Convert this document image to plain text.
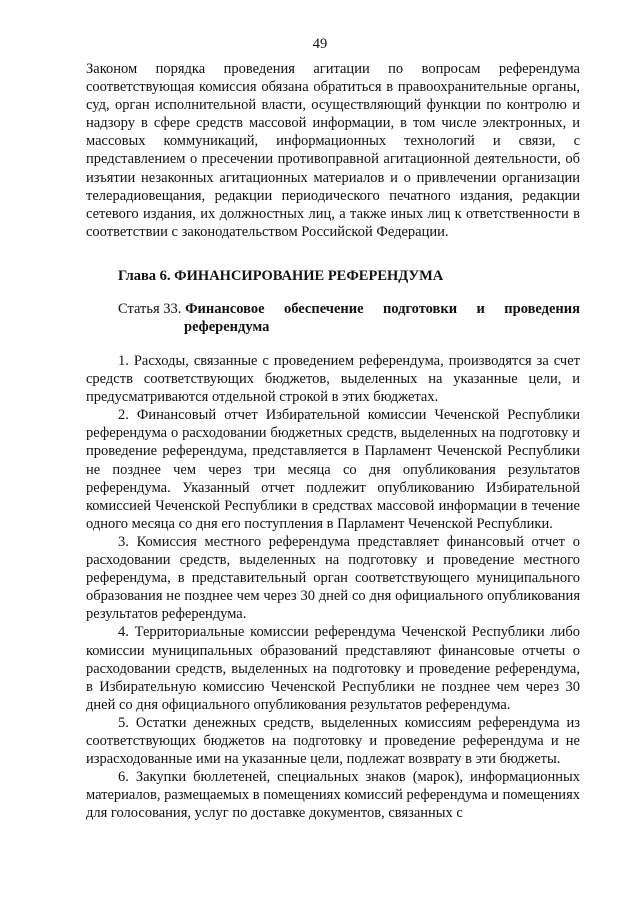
49
Законом порядка проведения агитации по вопросам референдума соответствующая комиссия обязана обратиться в правоохранительные органы, суд, орган исполнительной власти, осуществляющий функции по контролю и надзору в сфере средств массовой информации, в том числе электронных, и массовых коммуникаций, информационных технологий и связи, с представлением о пресечении противоправной агитационной деятельности, об изъятии незаконных агитационных материалов и о привлечении организации телерадиовещания, редакции периодического печатного издания, редакции сетевого издания, их должностных лиц, а также иных лиц к ответственности в соответствии с законодательством Российской Федерации.
Глава 6. ФИНАНСИРОВАНИЕ РЕФЕРЕНДУМА
Статья 33. Финансовое обеспечение подготовки и проведения
референдума

1. Расходы, связанные с проведением референдума, производятся за счет средств соответствующих бюджетов, выделенных на указанные цели, и предусматриваются отдельной строкой в этих бюджетах.

2. Финансовый отчет Избирательной комиссии Чеченской Республики референдума о расходовании бюджетных средств, выделенных на подготовку и проведение референдума, представляется в Парламент Чеченской Республики не позднее чем через три месяца со дня опубликования результатов референдума. Указанный отчет подлежит опубликованию Избирательной комиссией Чеченской Республики в средствах массовой информации в течение одного месяца со дня его поступления в Парламент Чеченской Республики.

3. Комиссия местного референдума представляет финансовый отчет о расходовании средств, выделенных на подготовку и проведение местного референдума, в представительный орган соответствующего муниципального образования не позднее чем через 30 дней со дня официального опубликования результатов референдума.

4. Территориальные комиссии референдума Чеченской Республики либо комиссии муниципальных образований представляют финансовые отчеты о расходовании средств, выделенных на подготовку и проведение референдума, в Избирательную комиссию Чеченской Республики не позднее чем через 30 дней со дня официального опубликования результатов референдума.

5. Остатки денежных средств, выделенных комиссиям референдума из соответствующих бюджетов на подготовку и проведение референдума и не израсходованные ими на указанные цели, подлежат возврату в эти бюджеты.

6. Закупки бюллетеней, специальных знаков (марок), информационных материалов, размещаемых в помещениях комиссий референдума и помещениях для голосования, услуг по доставке документов, связанных с
